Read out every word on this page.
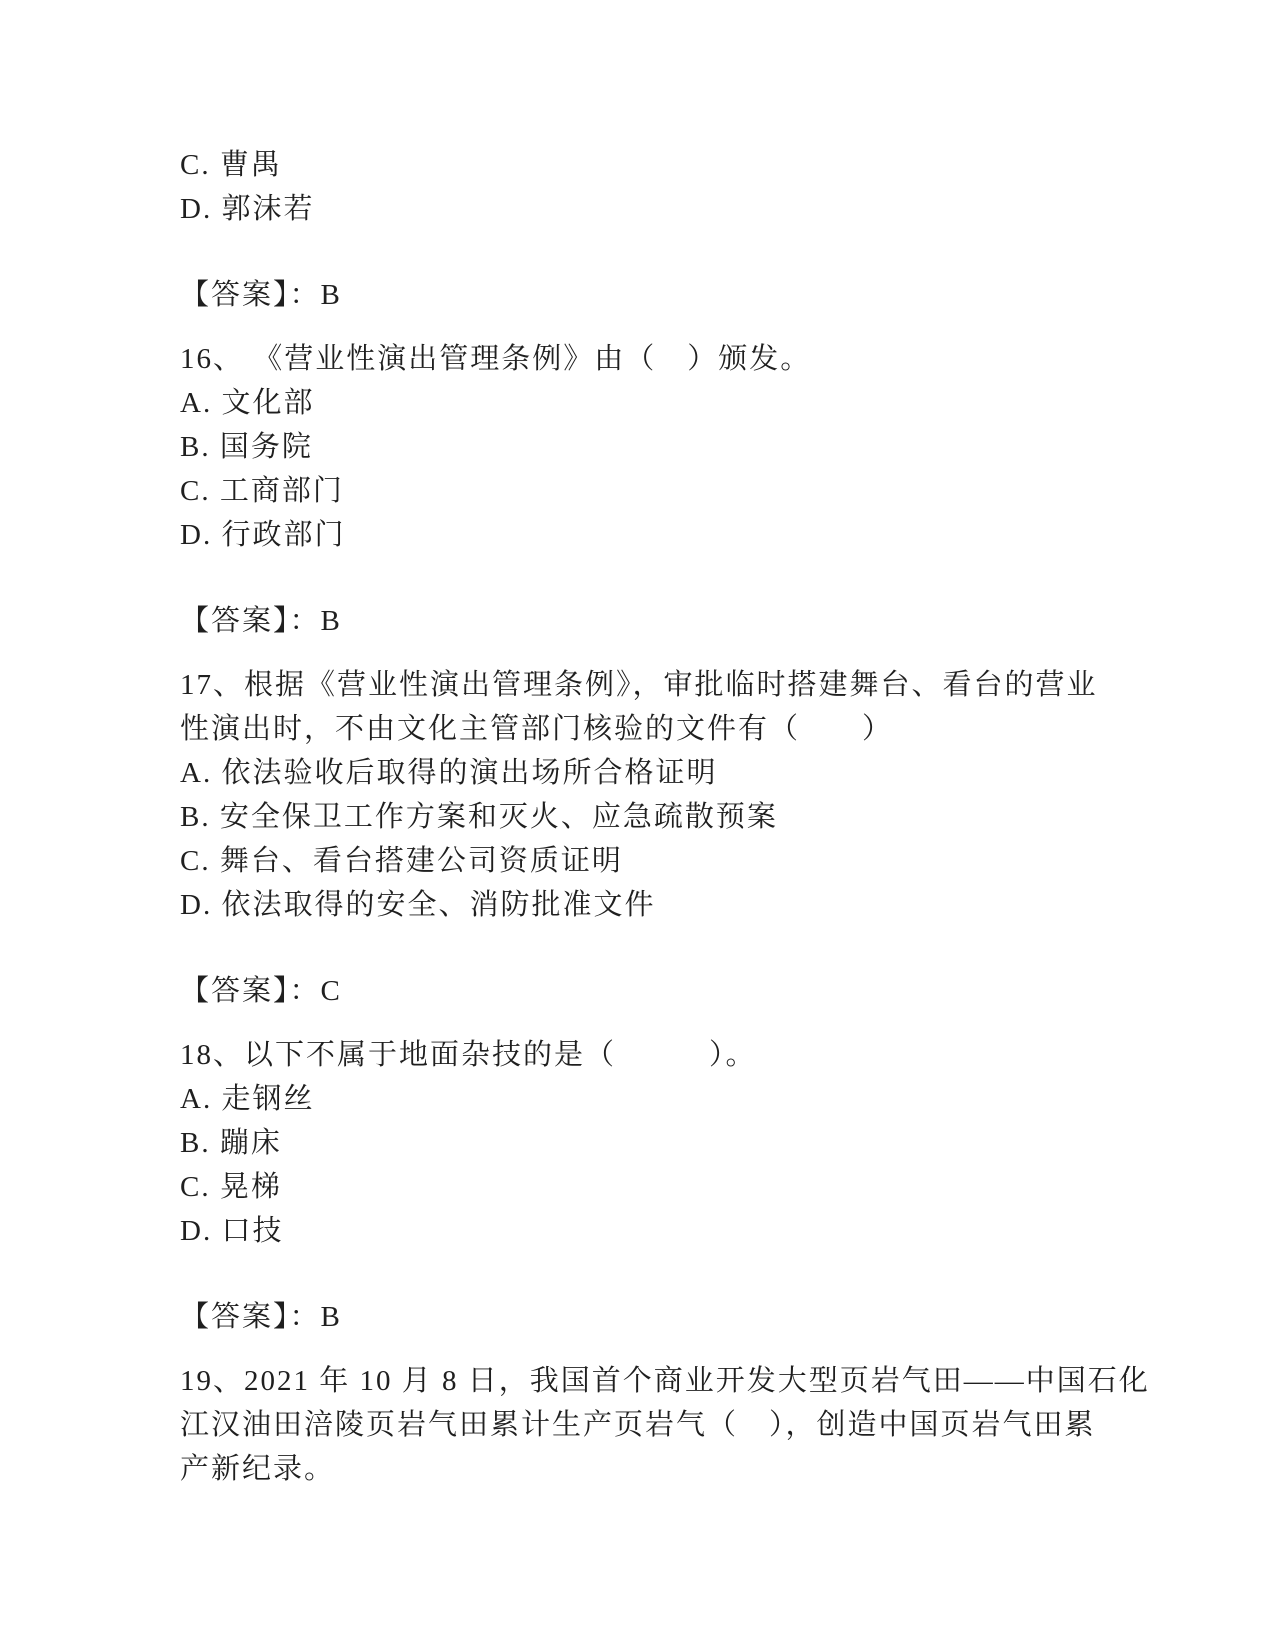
C. 曹禺
D. 郭沫若
【答案】：B
16、 《营业性演出管理条例》由（　）颁发。
A. 文化部
B. 国务院
C. 工商部门
D. 行政部门
【答案】：B
17、根据《营业性演出管理条例》，审批临时搭建舞台、看台的营业
性演出时，不由文化主管部门核验的文件有（　　）
A. 依法验收后取得的演出场所合格证明
B. 安全保卫工作方案和灭火、应急疏散预案
C. 舞台、看台搭建公司资质证明
D. 依法取得的安全、消防批准文件
【答案】：C
18、以下不属于地面杂技的是（　　　）。
A. 走钢丝
B. 蹦床
C. 晃梯
D. 口技
【答案】：B
19、2021 年 10 月 8 日，我国首个商业开发大型页岩气田——中国石化
江汉油田涪陵页岩气田累计生产页岩气（　），创造中国页岩气田累
产新纪录。
